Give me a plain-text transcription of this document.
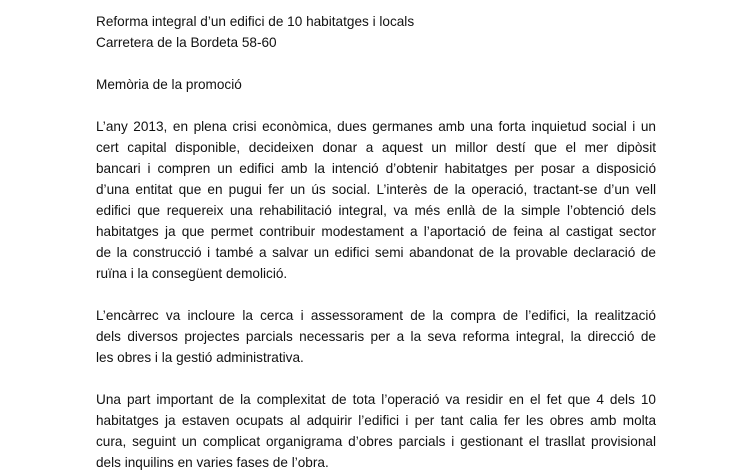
Reforma integral d’un edifici de 10 habitatges i locals
Carretera de la Bordeta 58-60
Memòria de la promoció

L’any 2013, en plena crisi econòmica, dues germanes amb una forta inquietud social i un
cert capital disponible, decideixen donar a aquest un millor destí que el mer dipòsit
bancari i compren un edifici amb la intenció d’obtenir habitatges per posar a disposició
d’una entitat que en pugui fer un ús social. L’interès de la operació, tractant-se d’un vell
edifici que requereix una rehabilitació integral, va més enllà de la simple l’obtenció dels
habitatges ja que permet contribuir modestament a l’aportació de feina al castigat sector
de la construcció i també a salvar un edifici semi abandonat de la provable declaració de
ruïna i la consegüent demolició.

L’encàrrec va incloure la cerca i assessorament de la compra de l’edifici, la realització
dels diversos projectes parcials necessaris per a la seva reforma integral, la direcció de
les obres i la gestió administrativa.

Una part important de la complexitat de tota l’operació va residir en el fet que 4 dels 10
habitatges ja estaven ocupats al adquirir l’edifici i per tant calia fer les obres amb molta
cura, seguint un complicat organigrama d’obres parcials i gestionant el trasllat provisional
dels inquilins en varies fases de l’obra.
